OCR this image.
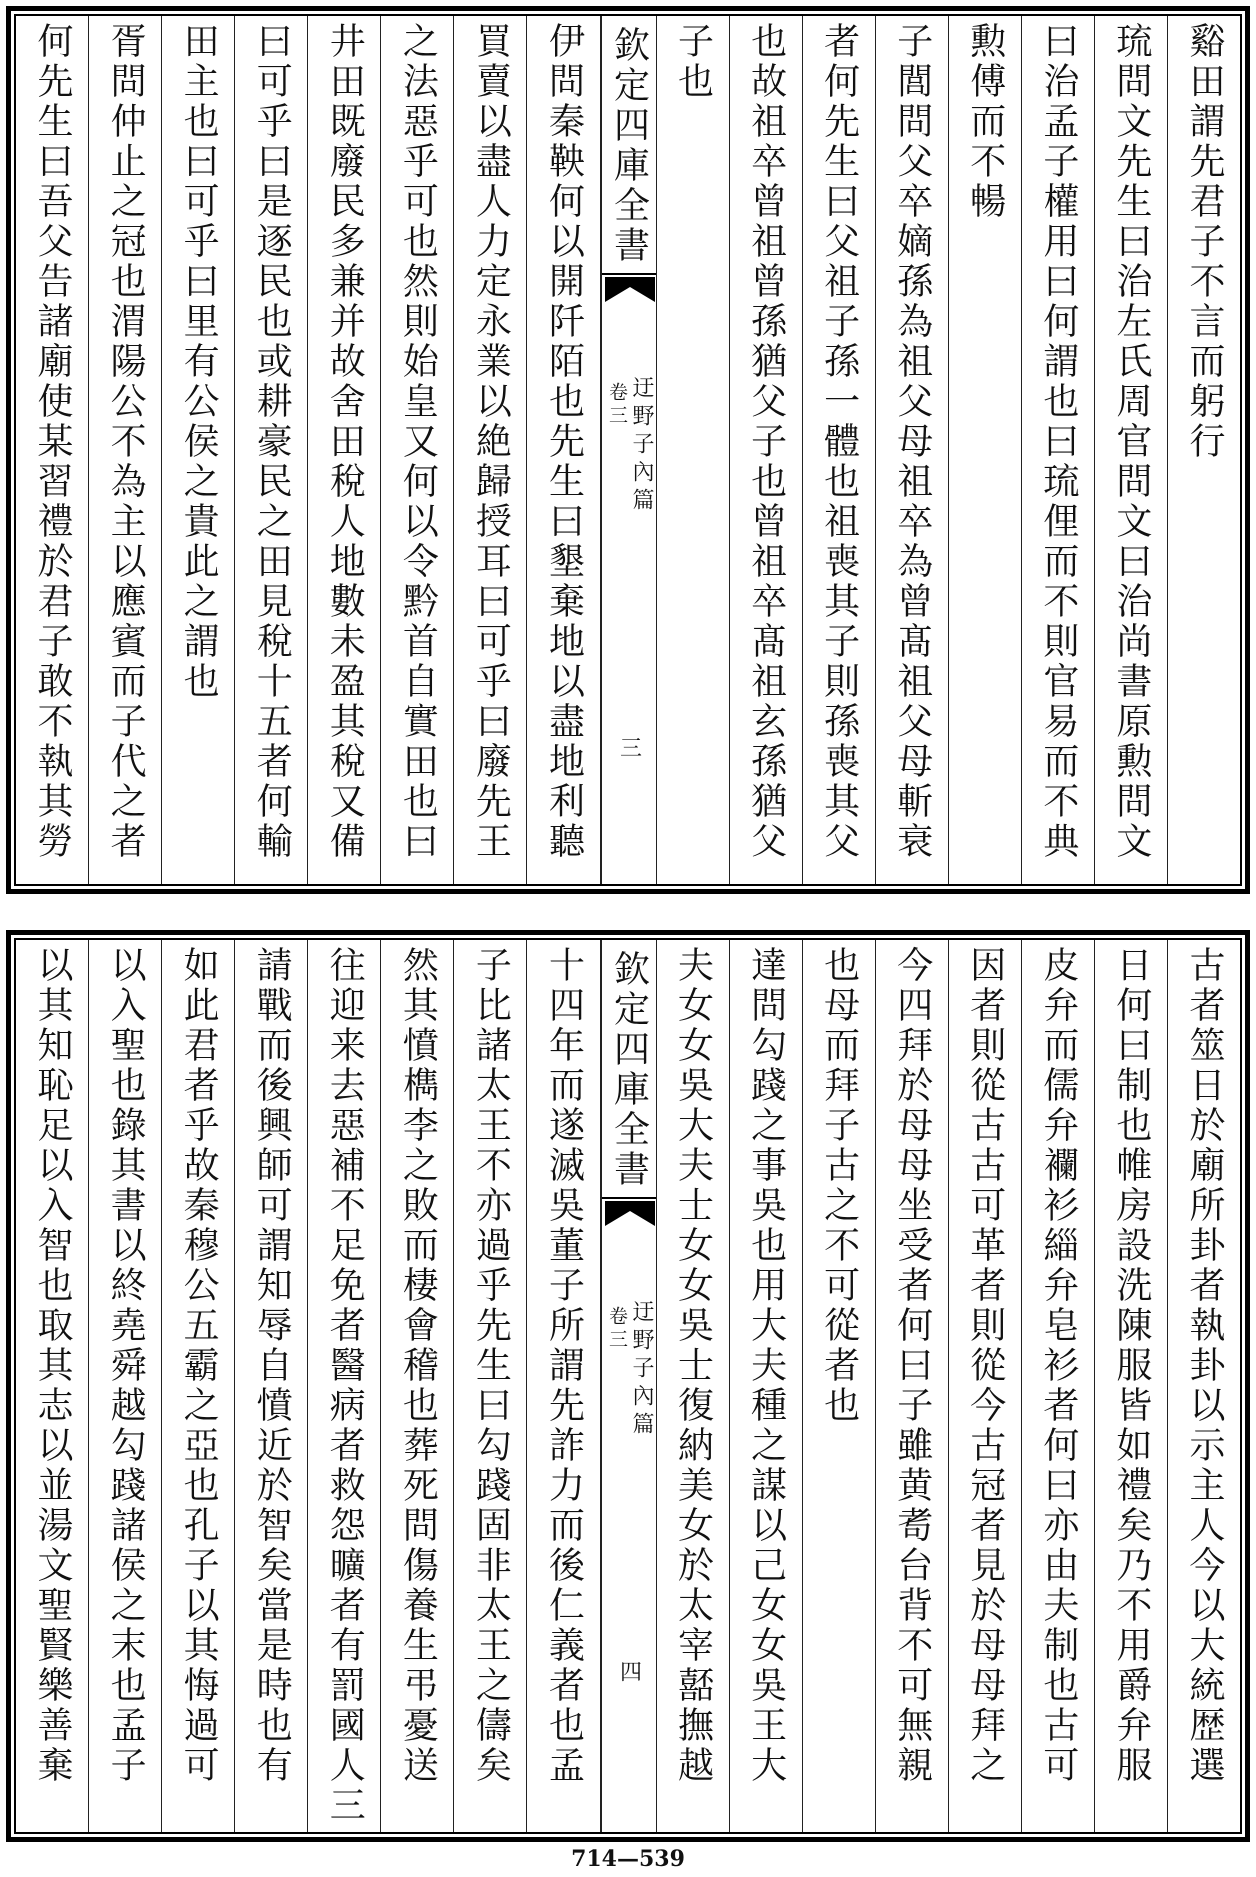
谿田謂先君子不言而躬行
琉問文先生曰治左氏周官問文曰治尚書原勲問文
曰治孟子權用曰何謂也曰琉俚而不則官易而不典
勲傅而不暢
子閭問父卒嫡孫為祖父母祖卒為曾髙祖父母斬衰
者何先生曰父祖子孫一體也祖喪其子則孫喪其父
也故祖卒曾祖曾孫猶父子也曾祖卒髙祖玄孫猶父
子也
欽定四庫全書
迂野子內篇
卷三
三
伊問秦鞅何以開阡陌也先生曰墾棄地以盡地利聽
買賣以盡人力定永業以絶歸授耳曰可乎曰廢先王
之法惡乎可也然則始皇又何以令黔首自實田也曰
井田既廢民多兼并故舍田稅人地數未盈其稅又備
曰可乎曰是逐民也或耕豪民之田見稅十五者何輸
田主也曰可乎曰里有公侯之貴此之謂也
胥問仲止之冠也渭陽公不為主以應賓而子代之者
何先生曰吾父告諸廟使某習禮於君子敢不執其勞
古者筮日於廟所卦者執卦以示主人今以大統歴選
日何曰制也帷房設洗陳服皆如禮矣乃不用爵弁服
皮弁而儒弁襴衫緇弁皂衫者何曰亦由夫制也古可
因者則從古古可革者則從今古冠者見於母母拜之
今四拜於母母坐受者何曰子雖黄耉台背不可無親
也母而拜子古之不可從者也
達問勾踐之事吳也用大夫種之謀以己女女吳王大
夫女女吳大夫士女女吳士復納美女於太宰嚭撫越
欽定四庫全書
迂野子內篇
卷三
四
十四年而遂滅吳董子所謂先詐力而後仁義者也孟
子比諸太王不亦過乎先生曰勾踐固非太王之儔矣
然其憤檇李之敗而棲會稽也葬死問傷養生弔憂送
往迎来去惡補不足免者醫病者救怨曠者有罰國人三
請戰而後興師可謂知辱自憤近於智矣當是時也有
如此君者乎故秦穆公五霸之亞也孔子以其悔過可
以入聖也錄其書以終堯舜越勾踐諸侯之末也孟子
以其知恥足以入智也取其志以並湯文聖賢樂善棄
714—539
